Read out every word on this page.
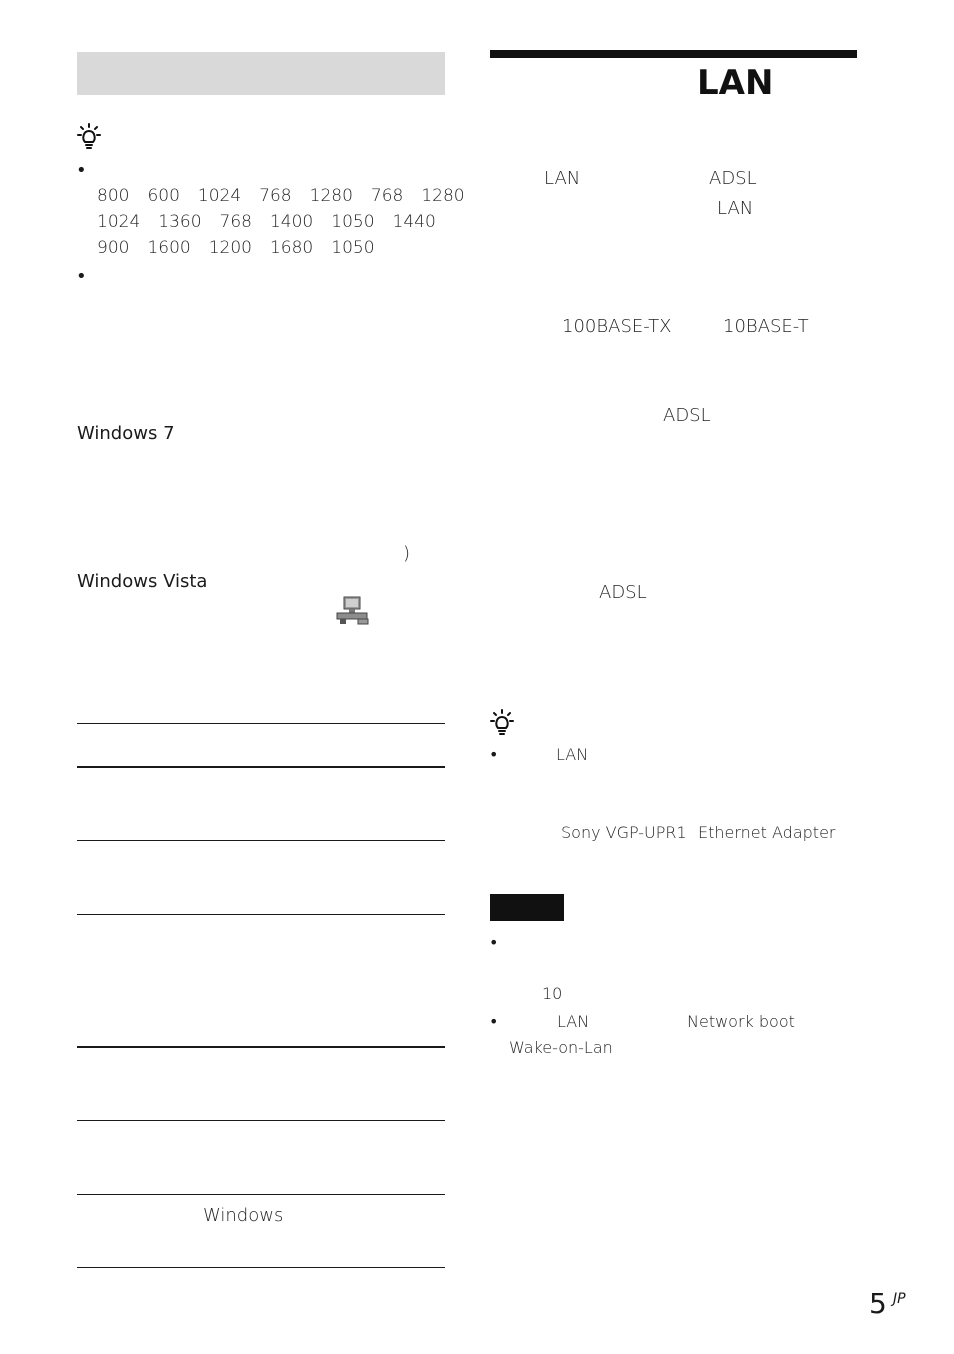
•
800 600 1024 768 1280 768 1280
1024 1360 768 1400 1050 1440
900 1600 1200 1680 1050
•
Windows 7
)
Windows Vista
Windows
LAN
LAN	ADSL
LAN
100BASE-TX	10BASE-T
ADSL
ADSL
•
LAN
Sony VGP-UPR1 Ethernet Adapter
•
10
•
LAN	Network boot
Wake-on-Lan
5 JP
